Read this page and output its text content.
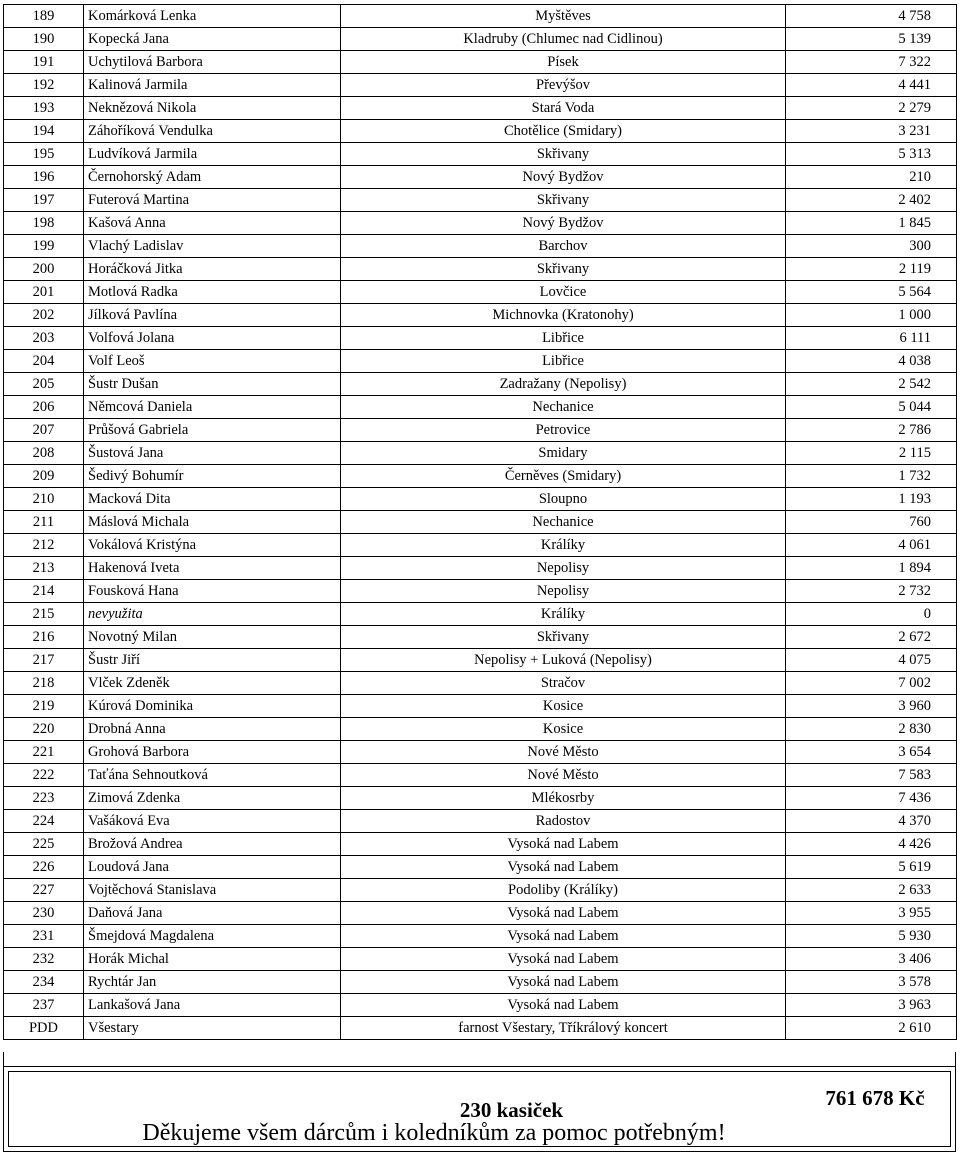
189	Komárková Lenka	Myštěves	4 758
190	Kopecká Jana	Kladruby (Chlumec nad Cidlinou)	5 139
191	Uchytilová Barbora	Písek	7 322
192	Kalinová Jarmila	Převýšov	4 441
193	Neknězová Nikola	Stará Voda	2 279
194	Záhoříková Vendulka	Chotělice (Smidary)	3 231
195	Ludvíková Jarmila	Skřivany	5 313
196	Černohorský Adam	Nový Bydžov	210
197	Futerová Martina	Skřivany	2 402
198	Kašová Anna	Nový Bydžov	1 845
199	Vlachý Ladislav	Barchov	300
200	Horáčková Jitka	Skřivany	2 119
201	Motlová Radka	Lovčice	5 564
202	Jílková Pavlína	Michnovka (Kratonohy)	1 000
203	Volfová Jolana	Libřice	6 111
204	Volf Leoš	Libřice	4 038
205	Šustr Dušan	Zadražany (Nepolisy)	2 542
206	Němcová Daniela	Nechanice	5 044
207	Průšová Gabriela	Petrovice	2 786
208	Šustová Jana	Smidary	2 115
209	Šedivý Bohumír	Černěves (Smidary)	1 732
210	Macková Dita	Sloupno	1 193
211	Máslová Michala	Nechanice	760
212	Vokálová Kristýna	Králíky	4 061
213	Hakenová Iveta	Nepolisy	1 894
214	Fousková Hana	Nepolisy	2 732
215	nevyužita	Králíky	0
216	Novotný Milan	Skřivany	2 672
217	Šustr Jiří	Nepolisy + Luková (Nepolisy)	4 075
218	Vlček Zdeněk	Stračov	7 002
219	Kúrová Dominika	Kosice	3 960
220	Drobná Anna	Kosice	2 830
221	Grohová Barbora	Nové Město	3 654
222	Taťána Sehnoutková	Nové Město	7 583
223	Zimová Zdenka	Mlékosrby	7 436
224	Vašáková Eva	Radostov	4 370
225	Brožová Andrea	Vysoká nad Labem	4 426
226	Loudová Jana	Vysoká nad Labem	5 619
227	Vojtěchová Stanislava	Podoliby (Králíky)	2 633
230	Daňová Jana	Vysoká nad Labem	3 955
231	Šmejdová Magdalena	Vysoká nad Labem	5 930
232	Horák Michal	Vysoká nad Labem	3 406
234	Rychtár Jan	Vysoká nad Labem	3 578
237	Lankašová Jana	Vysoká nad Labem	3 963
PDD	Všestary	farnost Všestary, Tříkrálový koncert	2 610
230 kasiček	761 678 Kč
Děkujeme všem dárcům i koledníkům za pomoc potřebným!
